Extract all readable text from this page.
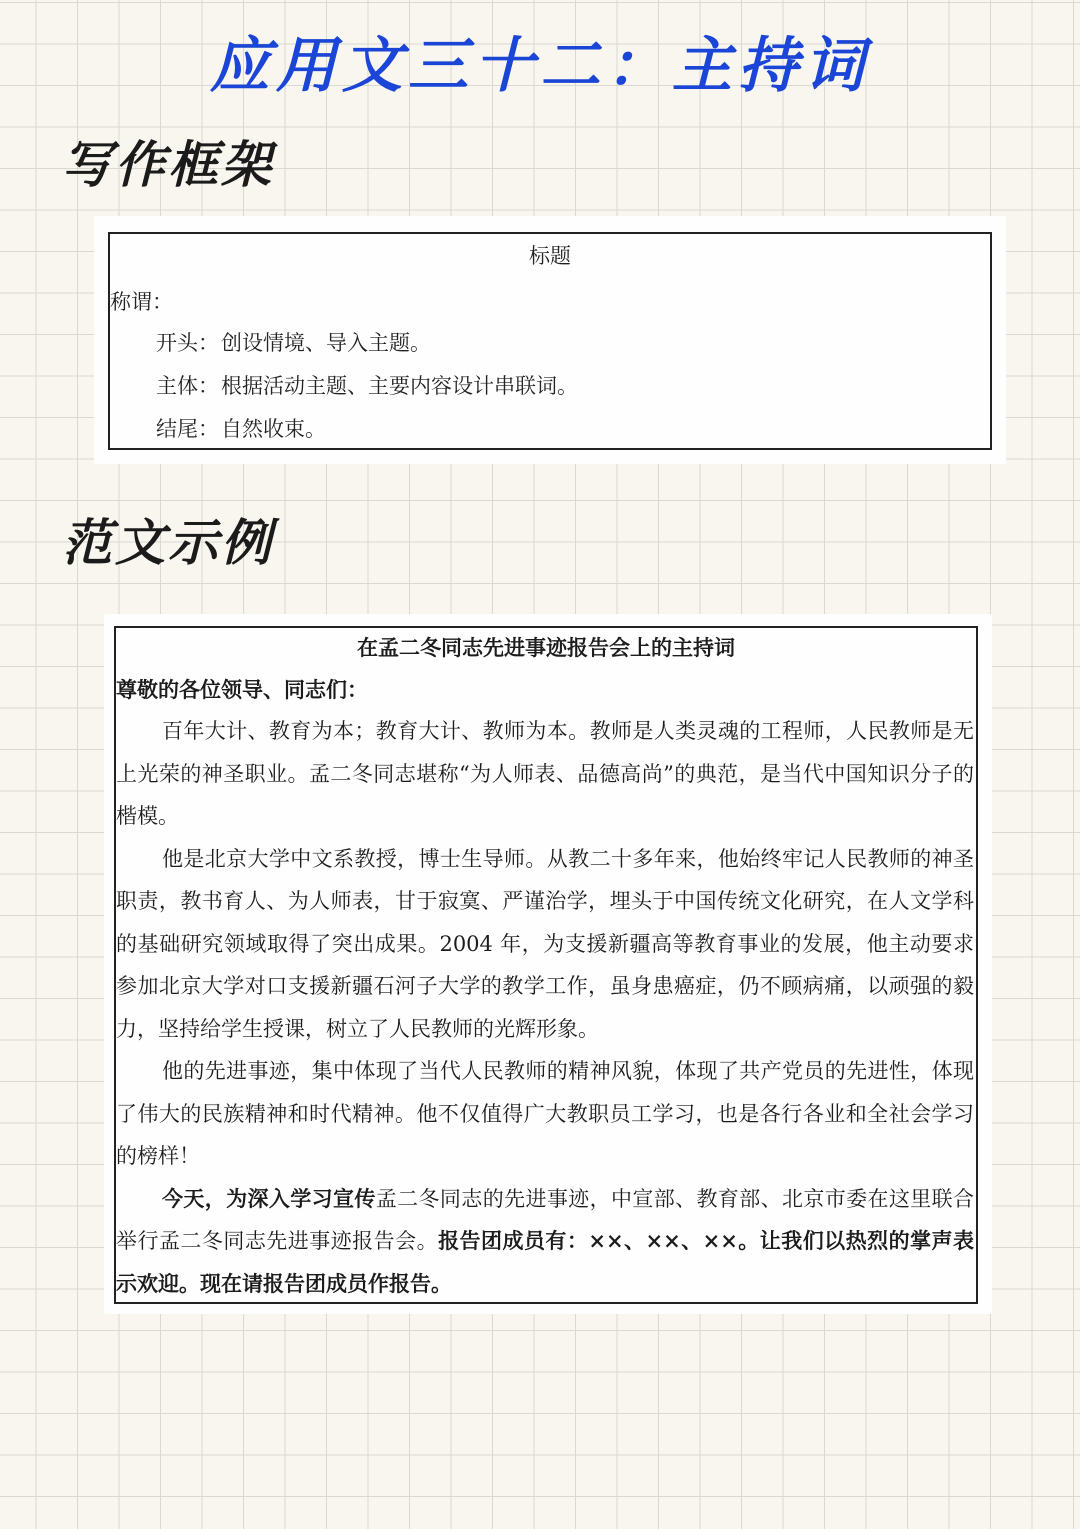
应用文三十二：主持词
写作框架
标题
称谓：
开头：创设情境、导入主题。
主体：根据活动主题、主要内容设计串联词。
结尾：自然收束。
范文示例
在孟二冬同志先进事迹报告会上的主持词
尊敬的各位领导、同志们：

百年大计、教育为本；教育大计、教师为本。教师是人类灵魂的工程师，人民教师是无上光荣的神圣职业。孟二冬同志堪称“为人师表、品德高尚”的典范，是当代中国知识分子的楷模。

他是北京大学中文系教授，博士生导师。从教二十多年来，他始终牢记人民教师的神圣职责，教书育人、为人师表，甘于寂寞、严谨治学，埋头于中国传统文化研究，在人文学科的基础研究领域取得了突出成果。2004 年，为支援新疆高等教育事业的发展，他主动要求参加北京大学对口支援新疆石河子大学的教学工作，虽身患癌症，仍不顾病痛，以顽强的毅力，坚持给学生授课，树立了人民教师的光辉形象。

他的先进事迹，集中体现了当代人民教师的精神风貌，体现了共产党员的先进性，体现了伟大的民族精神和时代精神。他不仅值得广大教职员工学习，也是各行各业和全社会学习的榜样！

今天，为深入学习宣传孟二冬同志的先进事迹，中宣部、教育部、北京市委在这里联合举行孟二冬同志先进事迹报告会。报告团成员有：××、××、××。让我们以热烈的掌声表示欢迎。现在请报告团成员作报告。
